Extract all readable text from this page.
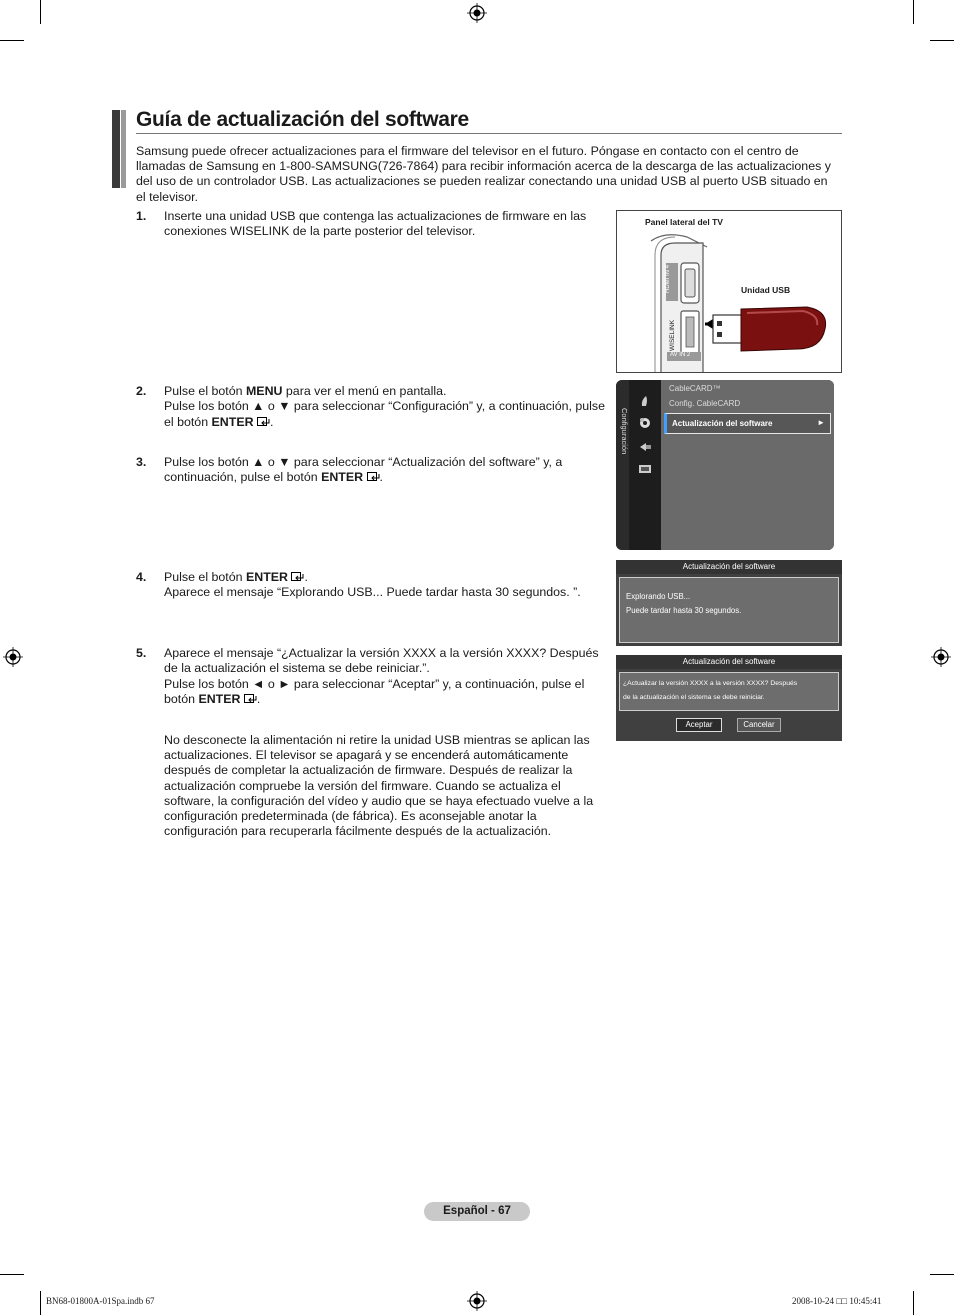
Guía de actualización del software

Samsung puede ofrecer actualizaciones para el firmware del televisor en el futuro. Póngase en contacto con el centro de llamadas de Samsung en 1-800-SAMSUNG(726-7864) para recibir información acerca de la descarga de las actualizaciones y del uso de un controlador USB. Las actualizaciones se pueden realizar conectando una unidad USB al puerto USB situado en el televisor.

1. Inserte una unidad USB que contenga las actualizaciones de firmware en las conexiones WISELINK de la parte posterior del televisor.

2. Pulse el botón MENU para ver el menú en pantalla.

Pulse los botón ▲ o ▼ para seleccionar “Configuración” y, a continuación, pulse el botón ENTER .

3. Pulse los botón ▲ o ▼ para seleccionar “Actualización del software” y, a continuación, pulse el botón ENTER .

4. Pulse el botón ENTER .

Aparece el mensaje “Explorando USB... Puede tardar hasta 30 segundos. ”.

5. Aparece el mensaje “¿Actualizar la versión XXXX a la versión XXXX? Después de la actualización el sistema se debe reiniciar.”.

Pulse los botón ◄ o ► para seleccionar “Aceptar” y, a continuación, pulse el botón ENTER .

No desconecte la alimentación ni retire la unidad USB mientras se aplican las actualizaciones. El televisor se apagará y se encenderá automáticamente después de completar la actualización de firmware. Después de realizar la actualización compruebe la versión del firmware. Cuando se actualiza el software, la configuración del vídeo y audio que se haya efectuado vuelve a la configuración predeterminada (de fábrica). Es aconsejable anotar la configuración para recuperarla fácilmente después de la actualización.

Panel lateral del TV
Unidad USB
HDMI IN 4
WISELINK
AV IN 2
Configuración
CableCARD™
Config. CableCARD
Actualización del software	►
Actualización del software
Explorando USB...
Puede tardar hasta 30 segundos.
Actualización del software
¿Actualizar la versión XXXX a la versión XXXX? Después
de la actualización el sistema se debe reiniciar.
Aceptar	Cancelar
Español - 67
BN68-01800A-01Spa.indb 67	2008-10-24 □□ 10:45:41
